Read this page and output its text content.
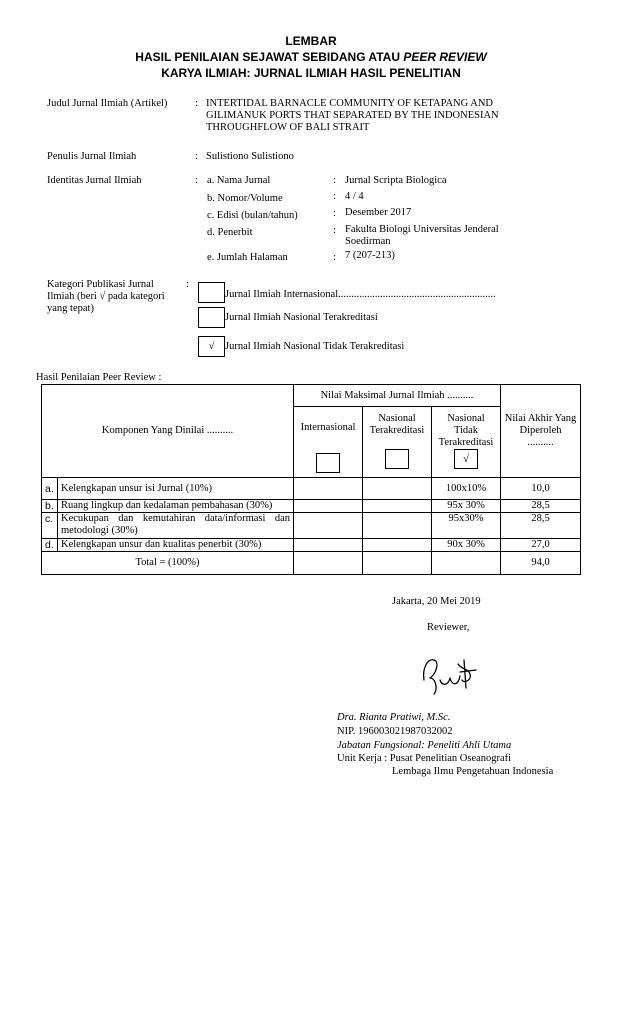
LEMBAR
HASIL PENILAIAN SEJAWAT SEBIDANG ATAU PEER REVIEW
KARYA ILMIAH: JURNAL ILMIAH HASIL PENELITIAN
Judul Jurnal Ilmiah (Artikel)	: INTERTIDAL BARNACLE COMMUNITY OF KETAPANG AND GILIMANUK PORTS THAT SEPARATED BY THE INDONESIAN THROUGHFLOW OF BALI STRAIT
Penulis Jurnal Ilmiah	: Sulistiono Sulistiono
Identitas Jurnal Ilmiah	: a. Nama Jurnal	: Jurnal Scripta Biologica
b. Nomor/Volume	: 4 / 4
c. Edisi (bulan/tahun)	: Desember 2017
d. Penerbit	: Fakulta Biologi Universitas Jenderal Soedirman
e. Jumlah Halaman	: 7 (207-213)
Kategori Publikasi Jurnal Ilmiah (beri √ pada kategori yang tepat)
:
Jurnal Ilmiah Internasional............................................................
Jurnal Ilmiah Nasional Terakreditasi
√	Jurnal Ilmiah Nasional Tidak Terakreditasi
Hasil Penilaian Peer Review :
Komponen Yang Dinilai ..........		Nilai Maksimal Jurnal Ilmiah ..........			Nilai Akhir Yang Diperoleh
..........

		Internasional	Nasional Terakreditasi	Nasional Tidak Terakreditasi
√	
a.	Kelengkapan unsur isi Jurnal (10%)			100x10%	10,0
b.	Ruang lingkup dan kedalaman pembahasan (30%)			95x 30%	28,5
c.	Kecukupan dan kemutahiran data/informasi dan metodologi (30%)			95x30%	28,5
d.	Kelengkapan unsur dan kualitas penerbit (30%)			90x 30%	27,0
Total = (100%)					94,0
Jakarta, 20 Mei 2019
Reviewer,
Dra. Rianta Pratiwi, M.Sc.
NIP. 196003021987032002
Jabatan Fungsional: Peneliti Ahli Utama
Unit Kerja : Pusat Penelitian Oseanografi
Lembaga Ilmu Pengetahuan Indonesia
